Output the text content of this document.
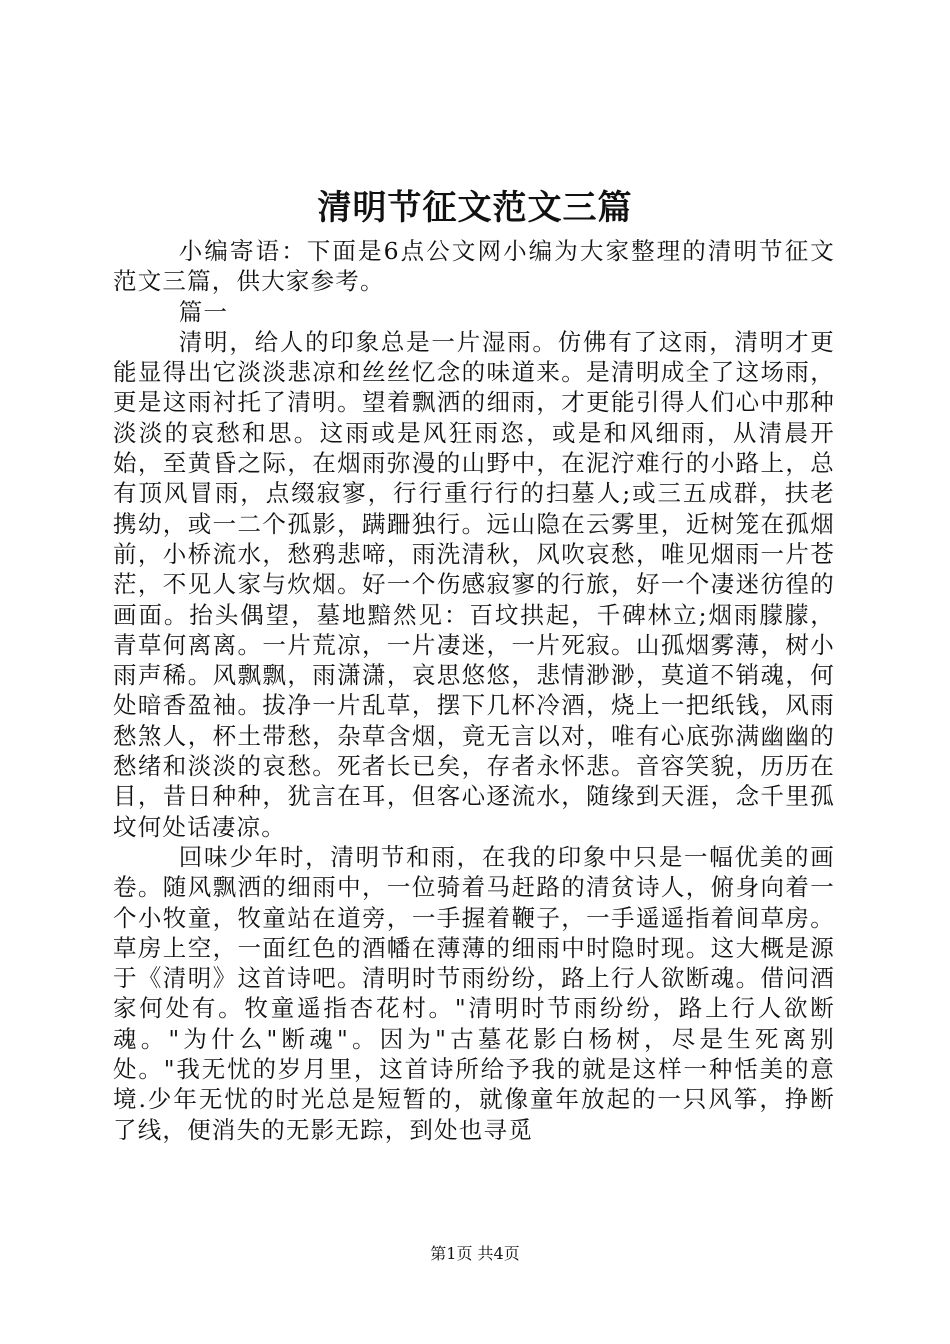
清明节征文范文三篇

小编寄语：下面是6点公文网小编为大家整理的清明节征文范文三篇，供大家参考。

篇一

清明，给人的印象总是一片湿雨。仿佛有了这雨，清明才更能显得出它淡淡悲凉和丝丝忆念的味道来。是清明成全了这场雨，更是这雨衬托了清明。望着飘洒的细雨，才更能引得人们心中那种淡淡的哀愁和思。这雨或是风狂雨恣，或是和风细雨，从清晨开始，至黄昏之际，在烟雨弥漫的山野中，在泥泞难行的小路上，总有顶风冒雨，点缀寂寥，行行重行行的扫墓人;或三五成群，扶老携幼，或一二个孤影，蹒跚独行。远山隐在云雾里，近树笼在孤烟前，小桥流水，愁鸦悲啼，雨洗清秋，风吹哀愁，唯见烟雨一片苍茫，不见人家与炊烟。好一个伤感寂寥的行旅，好一个凄迷彷徨的画面。抬头偶望，墓地黯然见：百坟拱起，千碑林立;烟雨朦朦，青草何离离。一片荒凉，一片凄迷，一片死寂。山孤烟雾薄，树小雨声稀。风飘飘，雨潇潇，哀思悠悠，悲情渺渺，莫道不销魂，何处暗香盈袖。拔净一片乱草，摆下几杯冷酒，烧上一把纸钱，风雨愁煞人，杯土带愁，杂草含烟，竟无言以对，唯有心底弥满幽幽的愁绪和淡淡的哀愁。死者长已矣，存者永怀悲。音容笑貌，历历在目，昔日种种，犹言在耳，但客心逐流水，随缘到天涯，念千里孤坟何处话凄凉。

回味少年时，清明节和雨，在我的印象中只是一幅优美的画卷。随风飘洒的细雨中，一位骑着马赶路的清贫诗人，俯身向着一个小牧童，牧童站在道旁，一手握着鞭子，一手遥遥指着间草房。草房上空，一面红色的酒幡在薄薄的细雨中时隐时现。这大概是源于《清明》这首诗吧。清明时节雨纷纷，路上行人欲断魂。借问酒家何处有。牧童遥指杏花村。"清明时节雨纷纷，路上行人欲断魂。"为什么"断魂"。因为"古墓花影白杨树，尽是生死离别处。"我无忧的岁月里，这首诗所给予我的就是这样一种恬美的意境.少年无忧的时光总是短暂的，就像童年放起的一只风筝，挣断了线，便消失的无影无踪，到处也寻觅

第1页 共4页
